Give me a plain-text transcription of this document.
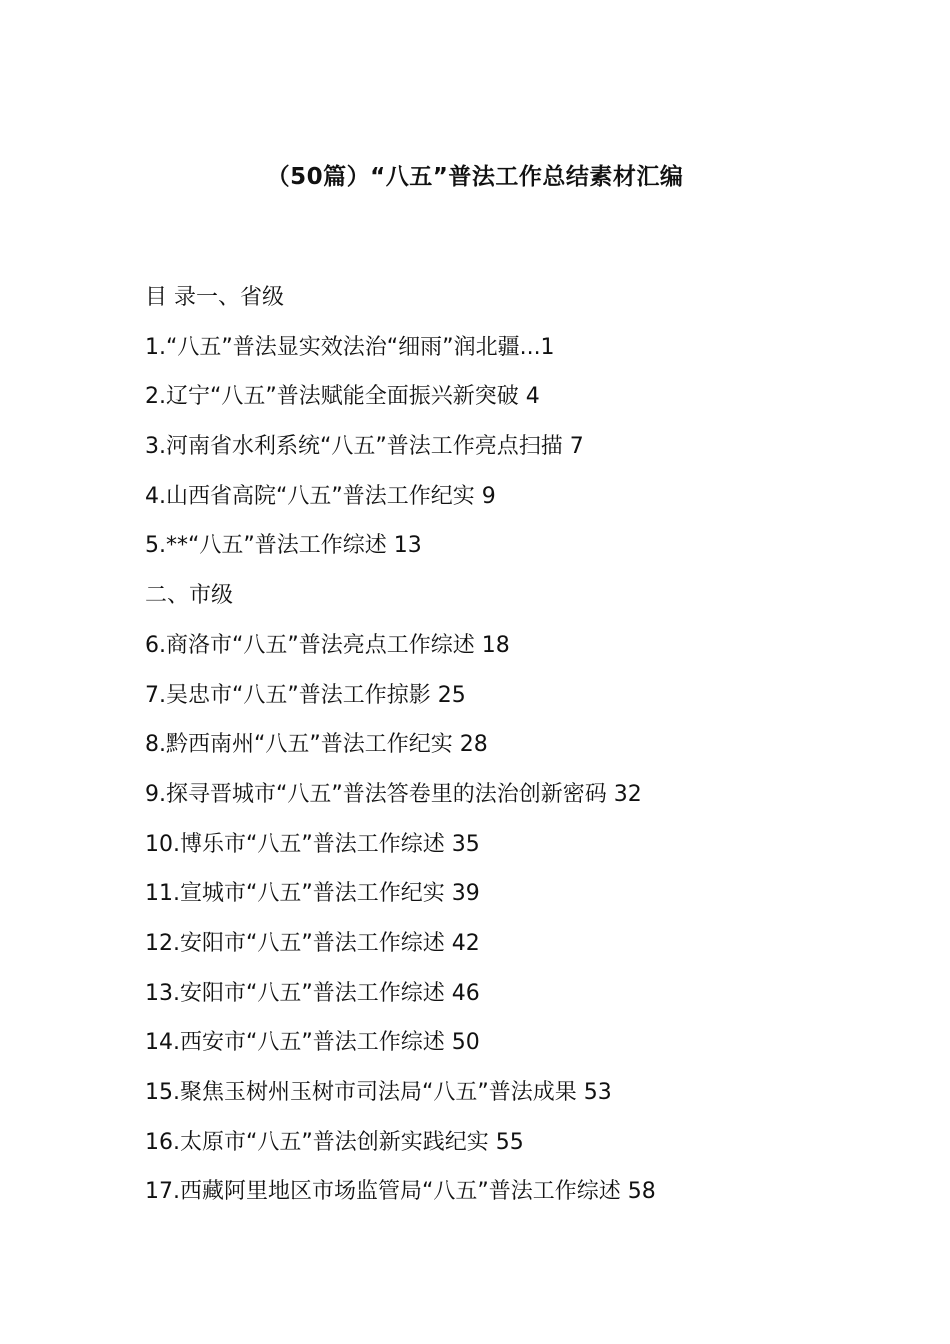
（50篇）“八五”普法工作总结素材汇编
目 录一、省级
1.“八五”普法显实效法治“细雨”润北疆...1
2.辽宁“八五”普法赋能全面振兴新突破 4
3.河南省水利系统“八五”普法工作亮点扫描 7
4.山西省高院“八五”普法工作纪实 9
5.**“八五”普法工作综述 13
二、市级
6.商洛市“八五”普法亮点工作综述 18
7.吴忠市“八五”普法工作掠影 25
8.黔西南州“八五”普法工作纪实 28
9.探寻晋城市“八五”普法答卷里的法治创新密码 32
10.博乐市“八五”普法工作综述 35
11.宣城市“八五”普法工作纪实 39
12.安阳市“八五”普法工作综述 42
13.安阳市“八五”普法工作综述 46
14.西安市“八五”普法工作综述 50
15.聚焦玉树州玉树市司法局“八五”普法成果 53
16.太原市“八五”普法创新实践纪实 55
17.西藏阿里地区市场监管局“八五”普法工作综述 58
